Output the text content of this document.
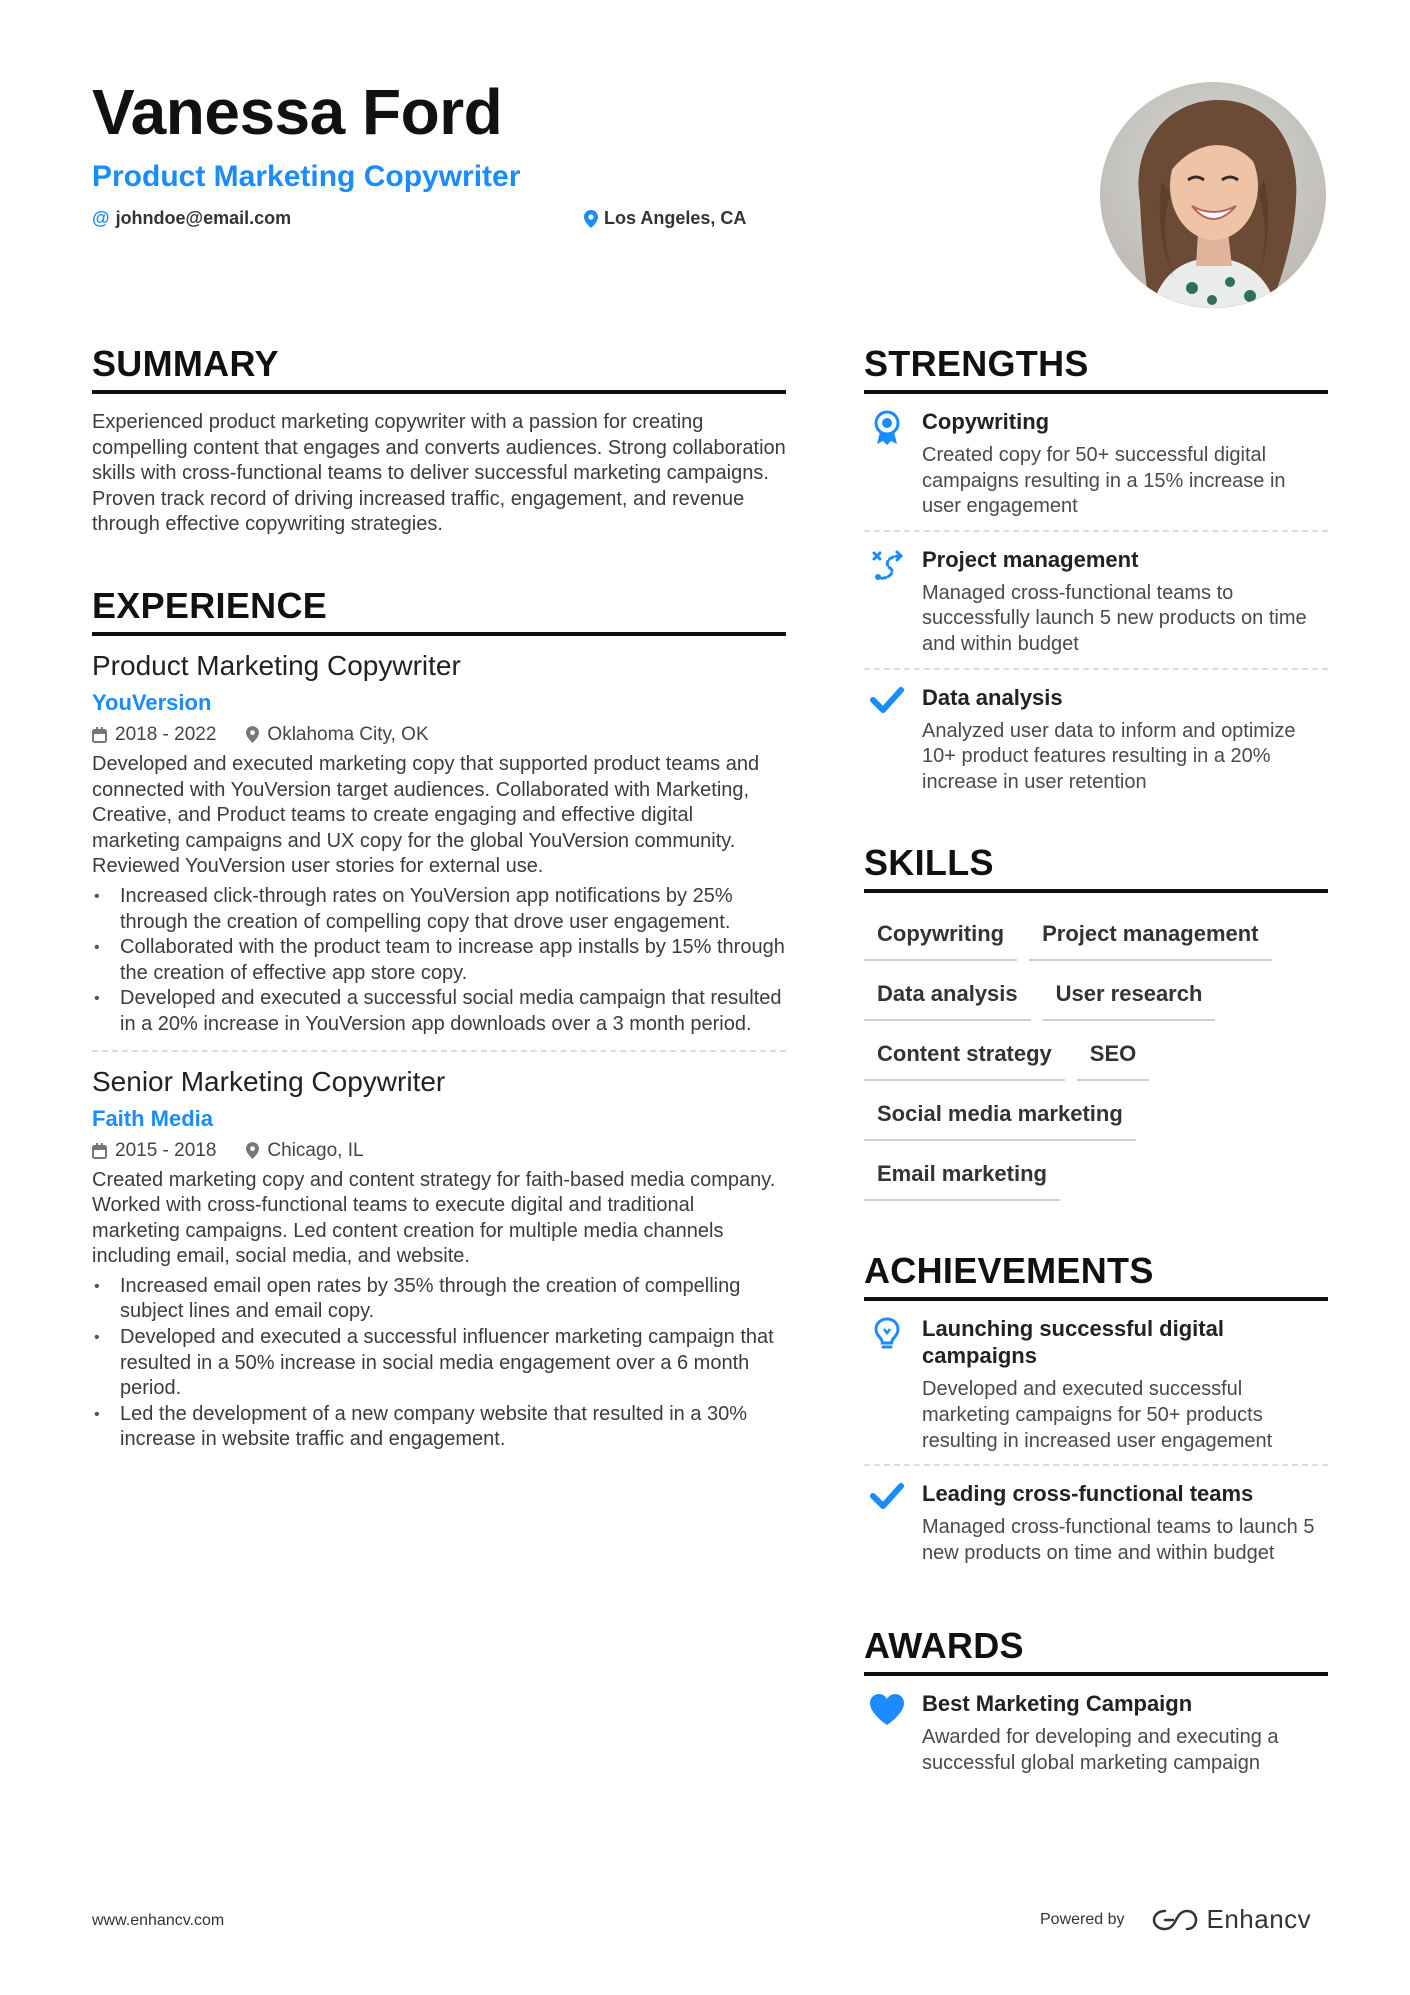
Vanessa Ford
Product Marketing Copywriter
@ johndoe@email.com	Los Angeles, CA
SUMMARY

Experienced product marketing copywriter with a passion for creating compelling content that engages and converts audiences. Strong collaboration skills with cross-functional teams to deliver successful marketing campaigns. Proven track record of driving increased traffic, engagement, and revenue through effective copywriting strategies.

EXPERIENCE
Product Marketing Copywriter
YouVersion
2018 - 2022	Oklahoma City, OK

Developed and executed marketing copy that supported product teams and connected with YouVersion target audiences. Collaborated with Marketing, Creative, and Product teams to create engaging and effective digital marketing campaigns and UX copy for the global YouVersion community. Reviewed YouVersion user stories for external use.

• Increased click-through rates on YouVersion app notifications by 25% through the creation of compelling copy that drove user engagement.
• Collaborated with the product team to increase app installs by 15% through the creation of effective app store copy.
• Developed and executed a successful social media campaign that resulted in a 20% increase in YouVersion app downloads over a 3 month period.
Senior Marketing Copywriter
Faith Media
2015 - 2018	Chicago, IL

Created marketing copy and content strategy for faith-based media company. Worked with cross-functional teams to execute digital and traditional marketing campaigns. Led content creation for multiple media channels including email, social media, and website.

• Increased email open rates by 35% through the creation of compelling subject lines and email copy.
• Developed and executed a successful influencer marketing campaign that resulted in a 50% increase in social media engagement over a 6 month period.
• Led the development of a new company website that resulted in a 30% increase in website traffic and engagement.
STRENGTHS
Copywriting
Created copy for 50+ successful digital campaigns resulting in a 15% increase in user engagement
Project management
Managed cross-functional teams to successfully launch 5 new products on time and within budget
Data analysis
Analyzed user data to inform and optimize 10+ product features resulting in a 20% increase in user retention
SKILLS
Copywriting	Project management
Data analysis	User research
Content strategy	SEO
Social media marketing
Email marketing
ACHIEVEMENTS
Launching successful digital campaigns
Developed and executed successful marketing campaigns for 50+ products resulting in increased user engagement
Leading cross-functional teams
Managed cross-functional teams to launch 5 new products on time and within budget
AWARDS
Best Marketing Campaign
Awarded for developing and executing a successful global marketing campaign
www.enhancv.com	Powered by	Enhancv
